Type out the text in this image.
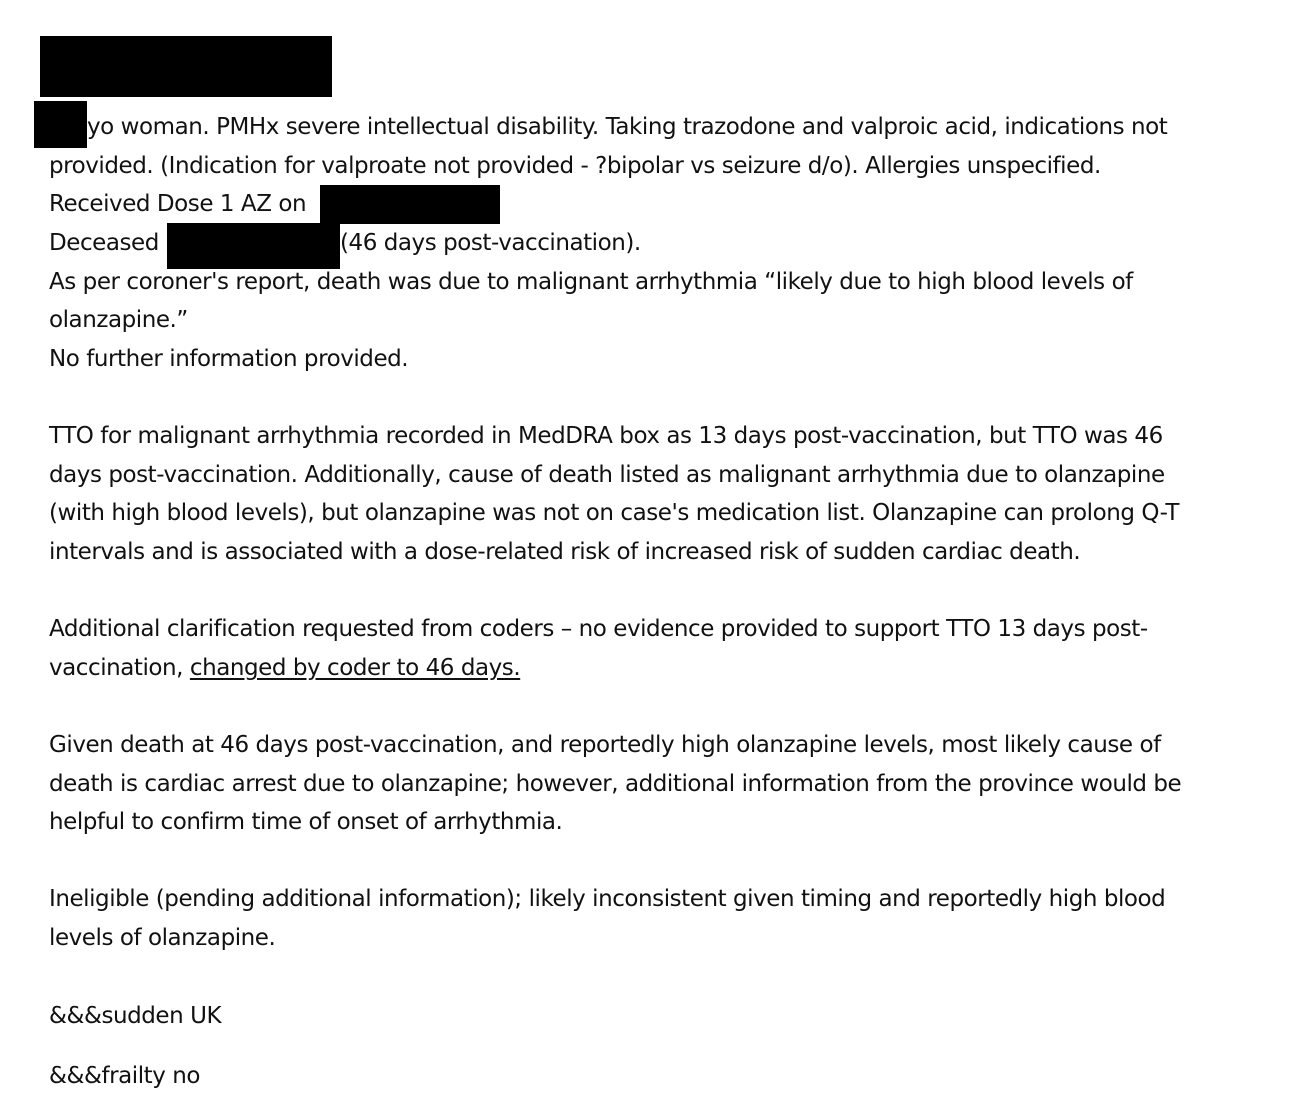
yo woman. PMHx severe intellectual disability. Taking trazodone and valproic acid, indications not

provided. (Indication for valproate not provided - ?bipolar vs seizure d/o). Allergies unspecified.

Received Dose 1 AZ on

Deceased	(46 days post-vaccination).

As per coroner's report, death was due to malignant arrhythmia “likely due to high blood levels of

olanzapine.”

No further information provided.

TTO for malignant arrhythmia recorded in MedDRA box as 13 days post-vaccination, but TTO was 46

days post-vaccination. Additionally, cause of death listed as malignant arrhythmia due to olanzapine

(with high blood levels), but olanzapine was not on case's medication list. Olanzapine can prolong Q-T

intervals and is associated with a dose-related risk of increased risk of sudden cardiac death.

Additional clarification requested from coders – no evidence provided to support TTO 13 days post-

vaccination, changed by coder to 46 days.

Given death at 46 days post-vaccination, and reportedly high olanzapine levels, most likely cause of

death is cardiac arrest due to olanzapine; however, additional information from the province would be

helpful to confirm time of onset of arrhythmia.

Ineligible (pending additional information); likely inconsistent given timing and reportedly high blood

levels of olanzapine.

&&&sudden UK

&&&frailty no
